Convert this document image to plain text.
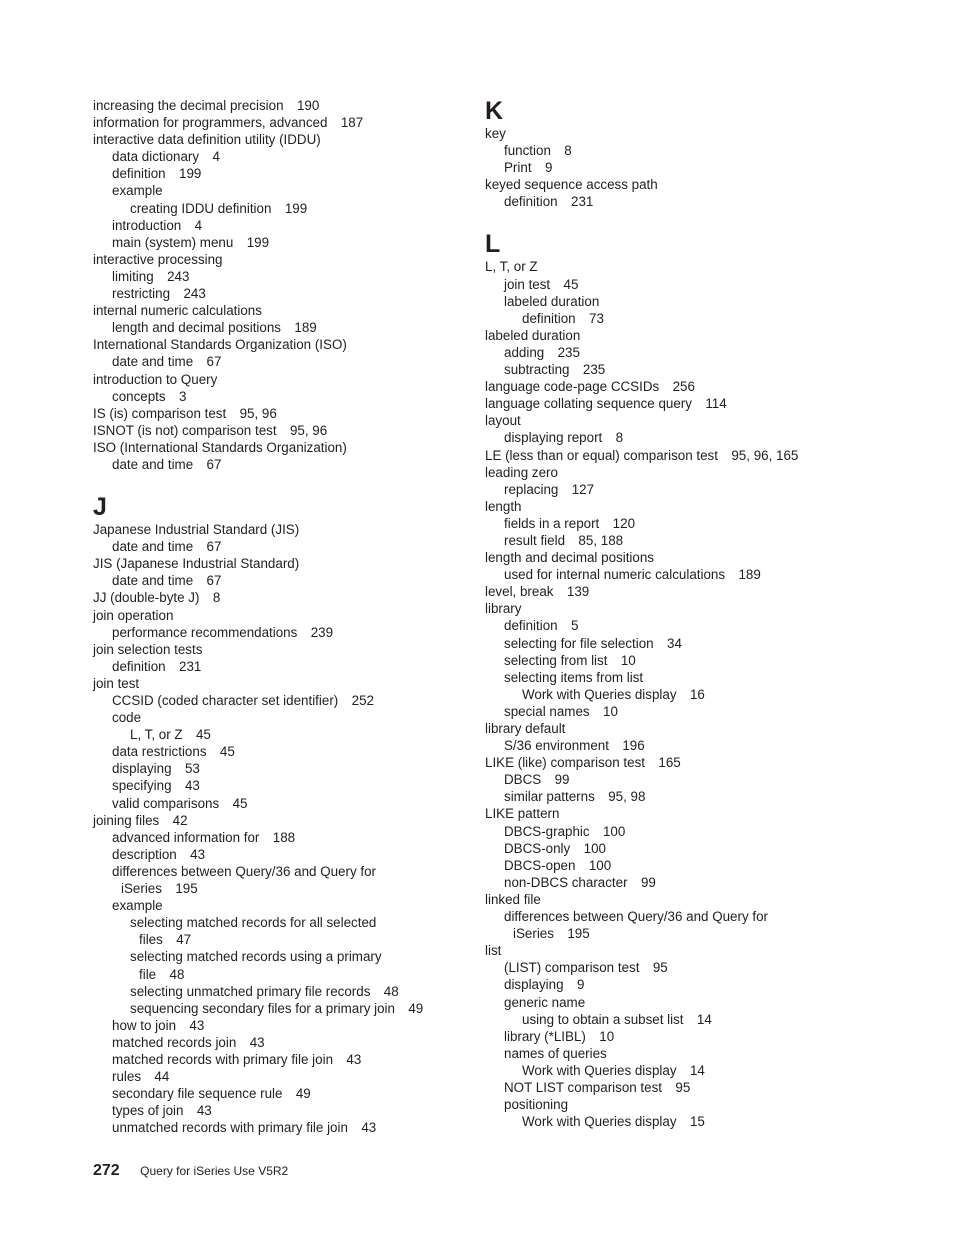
increasing the decimal precision 190
information for programmers, advanced 187
interactive data definition utility (IDDU)
data dictionary 4
definition 199
example
creating IDDU definition 199
introduction 4
main (system) menu 199
interactive processing
limiting 243
restricting 243
internal numeric calculations
length and decimal positions 189
International Standards Organization (ISO)
date and time 67
introduction to Query
concepts 3
IS (is) comparison test 95, 96
ISNOT (is not) comparison test 95, 96
ISO (International Standards Organization)
date and time 67
J
Japanese Industrial Standard (JIS)
date and time 67
JIS (Japanese Industrial Standard)
date and time 67
JJ (double-byte J) 8
join operation
performance recommendations 239
join selection tests
definition 231
join test
CCSID (coded character set identifier) 252
code
L, T, or Z 45
data restrictions 45
displaying 53
specifying 43
valid comparisons 45
joining files 42
advanced information for 188
description 43
differences between Query/36 and Query for
iSeries 195
example
selecting matched records for all selected
files 47
selecting matched records using a primary
file 48
selecting unmatched primary file records 48
sequencing secondary files for a primary join 49
how to join 43
matched records join 43
matched records with primary file join 43
rules 44
secondary file sequence rule 49
types of join 43
unmatched records with primary file join 43
K
key
function 8
Print 9
keyed sequence access path
definition 231
L
L, T, or Z
join test 45
labeled duration
definition 73
labeled duration
adding 235
subtracting 235
language code-page CCSIDs 256
language collating sequence query 114
layout
displaying report 8
LE (less than or equal) comparison test 95, 96, 165
leading zero
replacing 127
length
fields in a report 120
result field 85, 188
length and decimal positions
used for internal numeric calculations 189
level, break 139
library
definition 5
selecting for file selection 34
selecting from list 10
selecting items from list
Work with Queries display 16
special names 10
library default
S/36 environment 196
LIKE (like) comparison test 165
DBCS 99
similar patterns 95, 98
LIKE pattern
DBCS-graphic 100
DBCS-only 100
DBCS-open 100
non-DBCS character 99
linked file
differences between Query/36 and Query for
iSeries 195
list
(LIST) comparison test 95
displaying 9
generic name
using to obtain a subset list 14
library (*LIBL) 10
names of queries
Work with Queries display 14
NOT LIST comparison test 95
positioning
Work with Queries display 15
272 Query for iSeries Use V5R2
